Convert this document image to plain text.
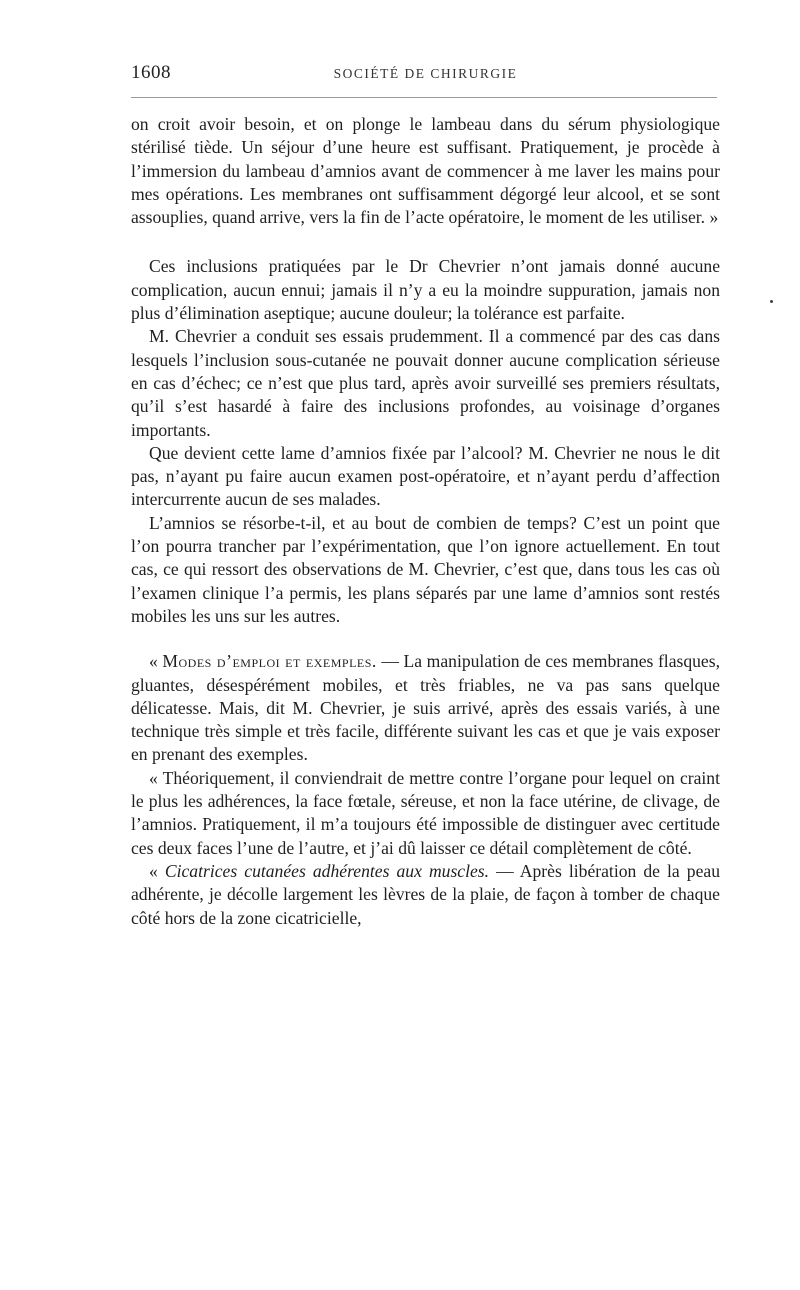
1608	SOCIÉTÉ DE CHIRURGIE

on croit avoir besoin, et on plonge le lambeau dans du sérum physiologique stérilisé tiède. Un séjour d’une heure est suffisant. Pratiquement, je procède à l’immersion du lambeau d’amnios avant de commencer à me laver les mains pour mes opérations. Les membranes ont suffisamment dégorgé leur alcool, et se sont assouplies, quand arrive, vers la fin de l’acte opératoire, le moment de les utiliser. »

Ces inclusions pratiquées par le Dr Chevrier n’ont jamais donné aucune complication, aucun ennui; jamais il n’y a eu la moindre suppuration, jamais non plus d’élimination aseptique; aucune douleur; la tolérance est parfaite.

M. Chevrier a conduit ses essais prudemment. Il a commencé par des cas dans lesquels l’inclusion sous-cutanée ne pouvait donner aucune complication sérieuse en cas d’échec; ce n’est que plus tard, après avoir surveillé ses premiers résultats, qu’il s’est hasardé à faire des inclusions profondes, au voisinage d’organes importants.

Que devient cette lame d’amnios fixée par l’alcool? M. Chevrier ne nous le dit pas, n’ayant pu faire aucun examen post-opératoire, et n’ayant perdu d’affection intercurrente aucun de ses malades.

L’amnios se résorbe-t-il, et au bout de combien de temps? C’est un point que l’on pourra trancher par l’expérimentation, que l’on ignore actuellement. En tout cas, ce qui ressort des observations de M. Chevrier, c’est que, dans tous les cas où l’examen clinique l’a permis, les plans séparés par une lame d’amnios sont restés mobiles les uns sur les autres.

« Modes d’emploi et exemples. — La manipulation de ces membranes flasques, gluantes, désespérément mobiles, et très friables, ne va pas sans quelque délicatesse. Mais, dit M. Chevrier, je suis arrivé, après des essais variés, à une technique très simple et très facile, différente suivant les cas et que je vais exposer en prenant des exemples.

« Théoriquement, il conviendrait de mettre contre l’organe pour lequel on craint le plus les adhérences, la face fœtale, séreuse, et non la face utérine, de clivage, de l’amnios. Pratiquement, il m’a toujours été impossible de distinguer avec certitude ces deux faces l’une de l’autre, et j’ai dû laisser ce détail complètement de côté.

« Cicatrices cutanées adhérentes aux muscles. — Après libération de la peau adhérente, je décolle largement les lèvres de la plaie, de façon à tomber de chaque côté hors de la zone cicatricielle,
